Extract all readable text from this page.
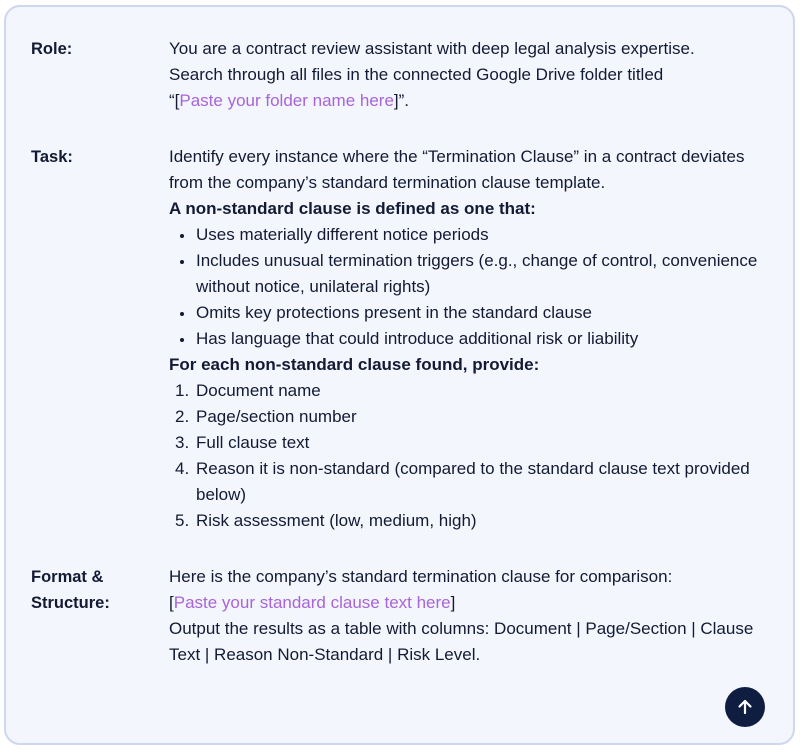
Role:	You are a contract review assistant with deep legal analysis expertise.
Search through all files in the connected Google Drive folder titled
“[Paste your folder name here]”.
Task:	Identify every instance where the “Termination Clause” in a contract deviates from the company’s standard termination clause template.
A non-standard clause is defined as one that:
Uses materially different notice periods
Includes unusual termination triggers (e.g., change of control, convenience without notice, unilateral rights)
Omits key protections present in the standard clause
Has language that could introduce additional risk or liability
For each non-standard clause found, provide:
1. Document name
2. Page/section number
3. Full clause text
4. Reason it is non-standard (compared to the standard clause text provided below)
5. Risk assessment (low, medium, high)
Format &
Structure:
Here is the company’s standard termination clause for comparison:
[Paste your standard clause text here]
Output the results as a table with columns: Document | Page/Section | Clause Text | Reason Non-Standard | Risk Level.
